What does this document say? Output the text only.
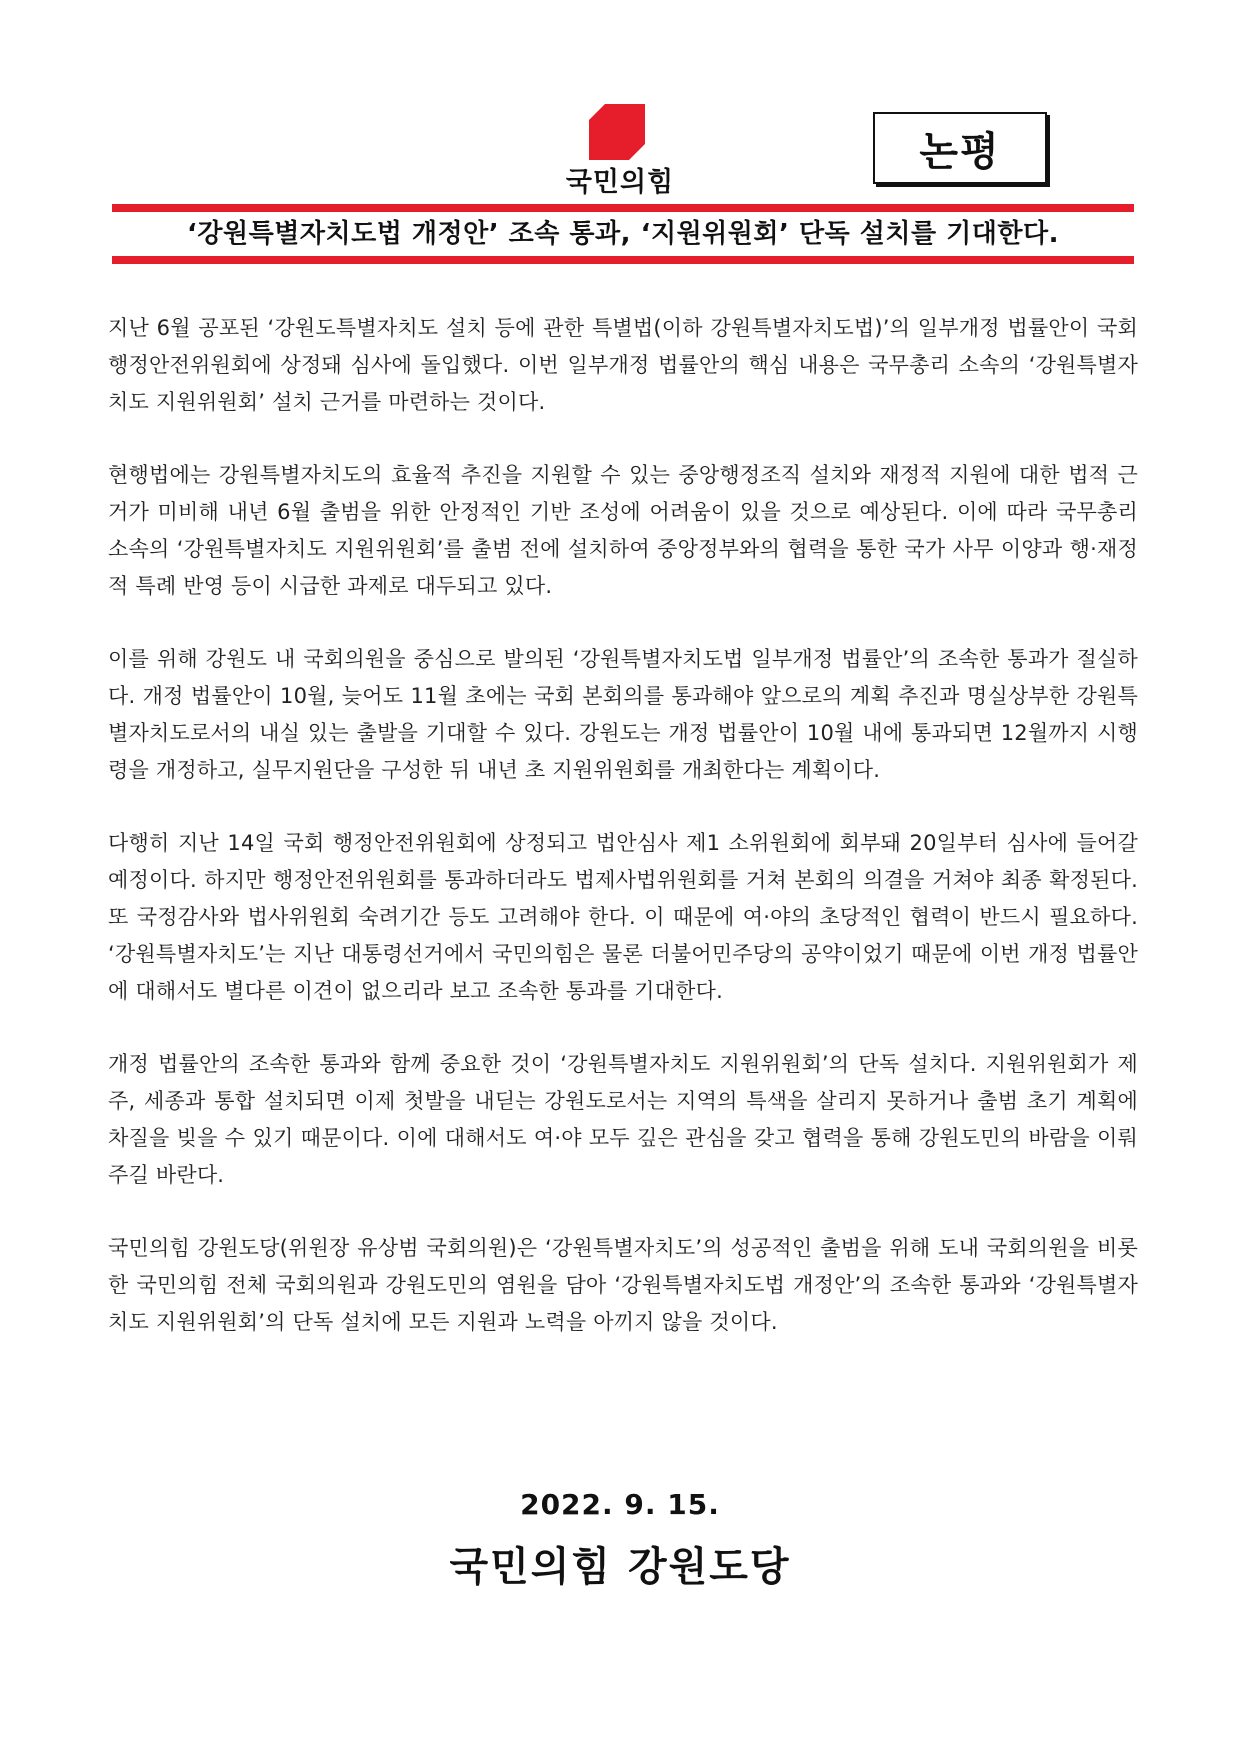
국민의힘
논평
‘강원특별자치도법 개정안’ 조속 통과, ‘지원위원회’ 단독 설치를 기대한다.

지난 6월 공포된 ‘강원도특별자치도 설치 등에 관한 특별법(이하 강원특별자치도법)’의 일부개정 법률안이 국회 행정안전위원회에 상정돼 심사에 돌입했다. 이번 일부개정 법률안의 핵심 내용은 국무총리 소속의 ‘강원특별자치도 지원위원회’ 설치 근거를 마련하는 것이다.

현행법에는 강원특별자치도의 효율적 추진을 지원할 수 있는 중앙행정조직 설치와 재정적 지원에 대한 법적 근거가 미비해 내년 6월 출범을 위한 안정적인 기반 조성에 어려움이 있을 것으로 예상된다. 이에 따라 국무총리 소속의 ‘강원특별자치도 지원위원회’를 출범 전에 설치하여 중앙정부와의 협력을 통한 국가 사무 이양과 행·재정적 특례 반영 등이 시급한 과제로 대두되고 있다.

이를 위해 강원도 내 국회의원을 중심으로 발의된 ‘강원특별자치도법 일부개정 법률안’의 조속한 통과가 절실하다. 개정 법률안이 10월, 늦어도 11월 초에는 국회 본회의를 통과해야 앞으로의 계획 추진과 명실상부한 강원특별자치도로서의 내실 있는 출발을 기대할 수 있다. 강원도는 개정 법률안이 10월 내에 통과되면 12월까지 시행령을 개정하고, 실무지원단을 구성한 뒤 내년 초 지원위원회를 개최한다는 계획이다.

다행히 지난 14일 국회 행정안전위원회에 상정되고 법안심사 제1 소위원회에 회부돼 20일부터 심사에 들어갈 예정이다. 하지만 행정안전위원회를 통과하더라도 법제사법위원회를 거쳐 본회의 의결을 거쳐야 최종 확정된다. 또 국정감사와 법사위원회 숙려기간 등도 고려해야 한다. 이 때문에 여·야의 초당적인 협력이 반드시 필요하다. ‘강원특별자치도’는 지난 대통령선거에서 국민의힘은 물론 더불어민주당의 공약이었기 때문에 이번 개정 법률안에 대해서도 별다른 이견이 없으리라 보고 조속한 통과를 기대한다.

개정 법률안의 조속한 통과와 함께 중요한 것이 ‘강원특별자치도 지원위원회’의 단독 설치다. 지원위원회가 제주, 세종과 통합 설치되면 이제 첫발을 내딛는 강원도로서는 지역의 특색을 살리지 못하거나 출범 초기 계획에 차질을 빚을 수 있기 때문이다. 이에 대해서도 여·야 모두 깊은 관심을 갖고 협력을 통해 강원도민의 바람을 이뤄주길 바란다.

국민의힘 강원도당(위원장 유상범 국회의원)은 ‘강원특별자치도’의 성공적인 출범을 위해 도내 국회의원을 비롯한 국민의힘 전체 국회의원과 강원도민의 염원을 담아 ‘강원특별자치도법 개정안’의 조속한 통과와 ‘강원특별자치도 지원위원회’의 단독 설치에 모든 지원과 노력을 아끼지 않을 것이다.

2022. 9. 15.
국민의힘 강원도당
